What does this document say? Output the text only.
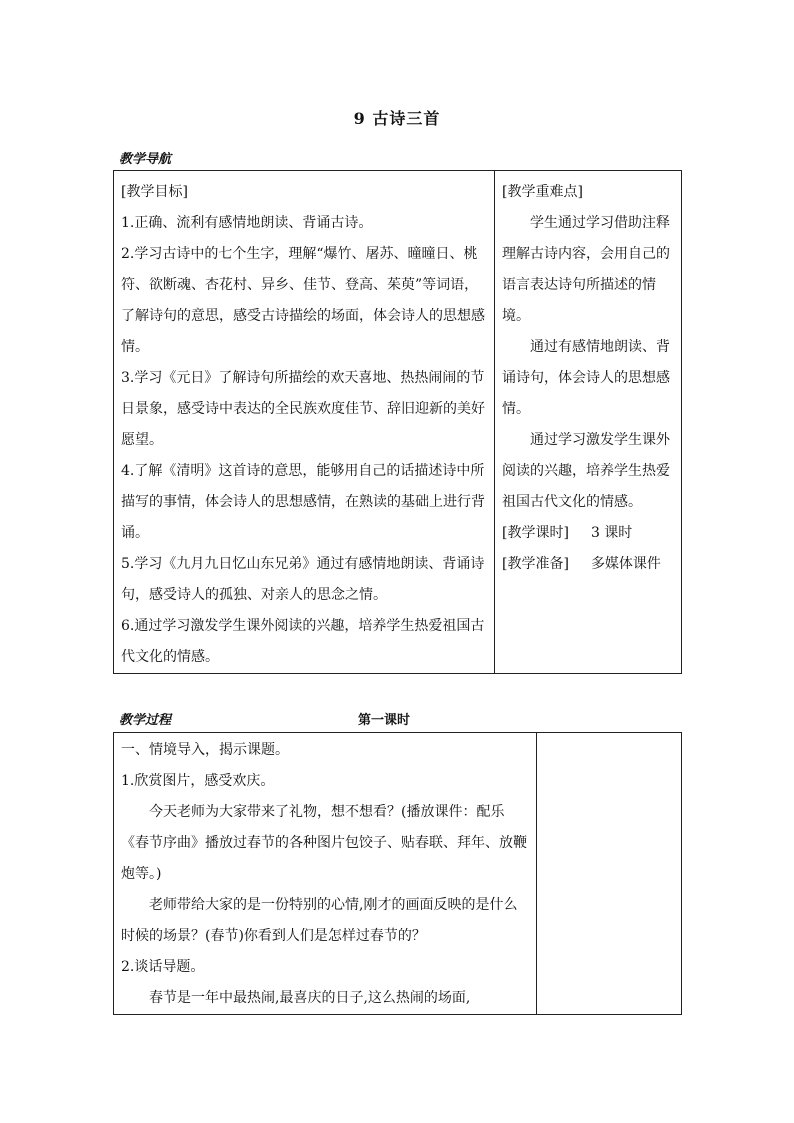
9 古诗三首
教学导航

[教学目标]

1.正确、流利有感情地朗读、背诵古诗。

2.学习古诗中的七个生字，理解“爆竹、屠苏、曈曈日、桃符、欲断魂、杏花村、异乡、佳节、登高、茱萸”等词语，了解诗句的意思，感受古诗描绘的场面，体会诗人的思想感情。

3.学习《元日》了解诗句所描绘的欢天喜地、热热闹闹的节日景象，感受诗中表达的全民族欢度佳节、辞旧迎新的美好愿望。

4.了解《清明》这首诗的意思，能够用自己的话描述诗中所描写的事情，体会诗人的思想感情，在熟读的基础上进行背诵。

5.学习《九月九日忆山东兄弟》通过有感情地朗读、背诵诗句，感受诗人的孤独、对亲人的思念之情。

6.通过学习激发学生课外阅读的兴趣，培养学生热爱祖国古代文化的情感。

[教学重难点]

学生通过学习借助注释理解古诗内容，会用自己的语言表达诗句所描述的情境。

通过有感情地朗读、背诵诗句，体会诗人的思想感情。

通过学习激发学生课外阅读的兴趣，培养学生热爱祖国古代文化的情感。

[教学课时] 3 课时

[教学准备] 多媒体课件

教学过程	第一课时

一、情境导入，揭示课题。

1.欣赏图片，感受欢庆。

今天老师为大家带来了礼物，想不想看？(播放课件：配乐《春节序曲》播放过春节的各种图片包饺子、贴春联、拜年、放鞭炮等。)

老师带给大家的是一份特别的心情,刚才的画面反映的是什么时候的场景？(春节)你看到人们是怎样过春节的？

2.谈话导题。

春节是一年中最热闹,最喜庆的日子,这么热闹的场面,
